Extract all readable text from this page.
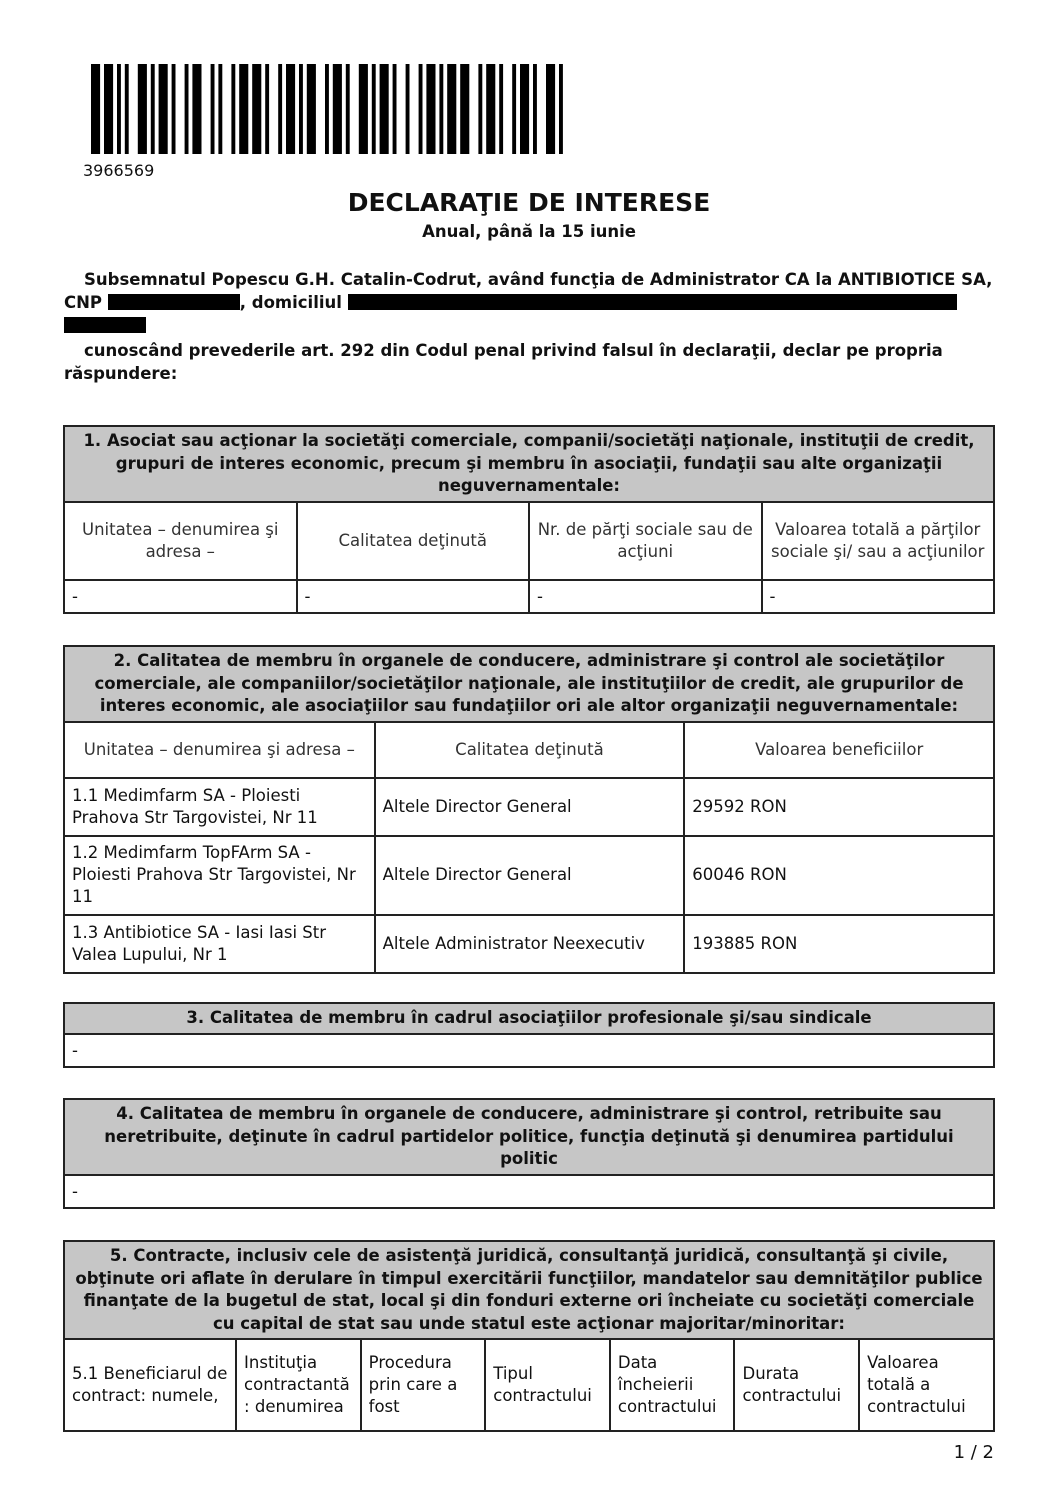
3966569
DECLARAŢIE DE INTERESE
Anual, până la 15 iunie
Subsemnatul Popescu G.H. Catalin-Codrut, având funcţia de Administrator CA la ANTIBIOTICE SA,
CNP	, domiciliul
cunoscând prevederile art. 292 din Codul penal privind falsul în declaraţii, declar pe propria răspundere:
1. Asociat sau acţionar la societăţi comerciale, companii/societăţi naţionale, instituţii de credit, grupuri de interes economic, precum şi membru în asociaţii, fundaţii sau alte organizaţii neguvernamentale:			
Unitatea – denumirea şi adresa –	Calitatea deţinută	Nr. de părţi sociale sau de acţiuni	Valoarea totală a părţilor sociale şi/ sau a acţiunilor
-	-	-	-
2. Calitatea de membru în organele de conducere, administrare şi control ale societăţilor comerciale, ale companiilor/societăţilor naţionale, ale instituţiilor de credit, ale grupurilor de interes economic, ale asociaţiilor sau fundaţiilor ori ale altor organizaţii neguvernamentale:		
Unitatea – denumirea şi adresa –	Calitatea deţinută	Valoarea beneficiilor
1.1 Medimfarm SA - Ploiesti Prahova Str Targovistei, Nr 11	Altele Director General	29592 RON
1.2 Medimfarm TopFArm SA - Ploiesti Prahova Str Targovistei, Nr 11	Altele Director General	60046 RON
1.3 Antibiotice SA - Iasi Iasi Str Valea Lupului, Nr 1	Altele Administrator Neexecutiv	193885 RON
3. Calitatea de membru în cadrul asociaţiilor profesionale şi/sau sindicale
-
4. Calitatea de membru în organele de conducere, administrare şi control, retribuite sau neretribuite, deţinute în cadrul partidelor politice, funcţia deţinută şi denumirea partidului politic
-
5. Contracte, inclusiv cele de asistenţă juridică, consultanţă juridică, consultanţă şi civile, obţinute ori aflate în derulare în timpul exercitării funcţiilor, mandatelor sau demnităţilor publice finanţate de la bugetul de stat, local şi din fonduri externe ori încheiate cu societăţi comerciale cu capital de stat sau unde statul este acţionar majoritar/minoritar:
5.1 Beneficiarul de contract: numele,	Instituţia contractantă : denumirea	Procedura prin care a fost	Tipul contractului	Data încheierii contractului	Durata contractului	Valoarea totală a contractului
1 / 2
